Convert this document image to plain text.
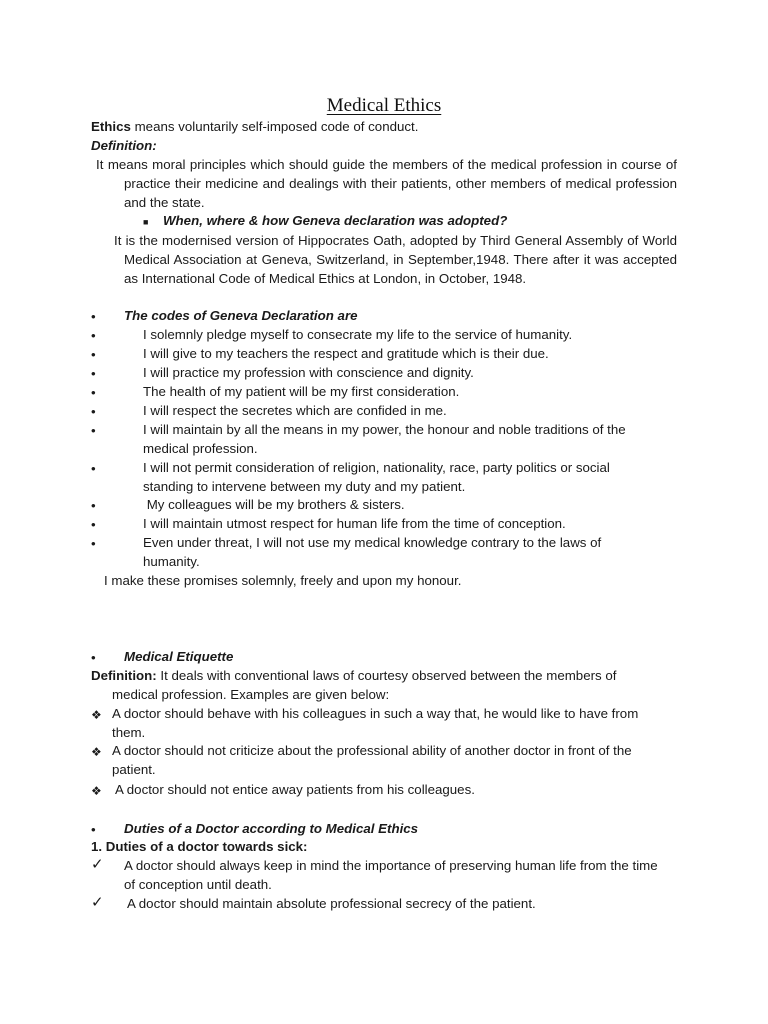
Medical Ethics
Ethics means voluntarily self-imposed code of conduct.
Definition:
It means moral principles which should guide the members of the medical profession in course of practice their medicine and dealings with their patients, other members of medical profession and the state.
■ When, where & how Geneva declaration was adopted?
It is the modernised version of Hippocrates Oath, adopted by Third General Assembly of World Medical Association at Geneva, Switzerland, in September,1948. There after it was accepted as International Code of Medical Ethics at London, in October, 1948.
•	The codes of Geneva Declaration are
•	I solemnly pledge myself to consecrate my life to the service of humanity.
•	I will give to my teachers the respect and gratitude which is their due.
•	I will practice my profession with conscience and dignity.
•	The health of my patient will be my first consideration.
•	I will respect the secretes which are confided in me.
•	I will maintain by all the means in my power, the honour and noble traditions of the medical profession.
•	I will not permit consideration of religion, nationality, race, party politics or social standing to intervene between my duty and my patient.
•	My colleagues will be my brothers & sisters.
•	I will maintain utmost respect for human life from the time of conception.
•	Even under threat, I will not use my medical knowledge contrary to the laws of humanity.
I make these promises solemnly, freely and upon my honour.
•	Medical Etiquette
Definition: It deals with conventional laws of courtesy observed between the members of medical profession. Examples are given below:
❖ A doctor should behave with his colleagues in such a way that, he would like to have from them.
❖ A doctor should not criticize about the professional ability of another doctor in front of the patient.
❖ A doctor should not entice away patients from his colleagues.
•	Duties of a Doctor according to Medical Ethics
1. Duties of a doctor towards sick:
✓ A doctor should always keep in mind the importance of preserving human life from the time of conception until death.
✓ A doctor should maintain absolute professional secrecy of the patient.
